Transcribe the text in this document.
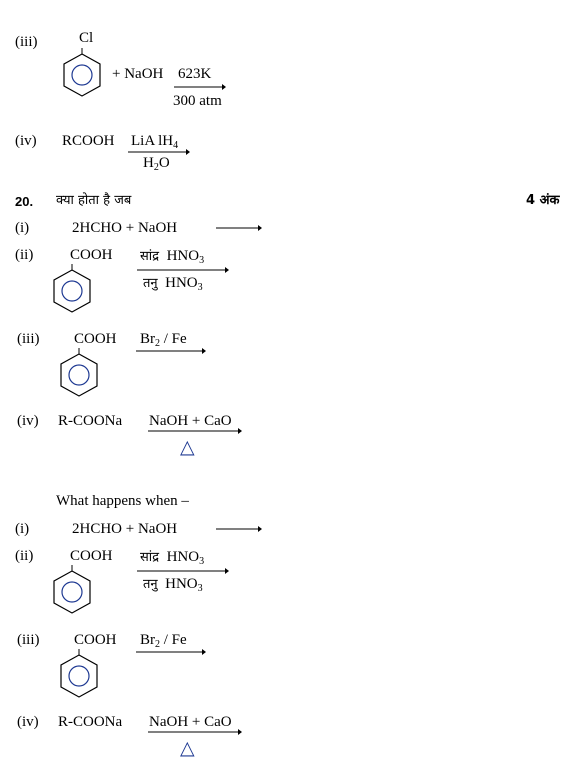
(iii)	Cl
+ NaOH 623K
300 atm
(iv) RCOOH LiA $lH_4$
$H_2O$
20. क्या होता है जब	4 अंक
(i)	2HCHO + NaOH
(ii) COOH सांद्र $HNO_3$
तनु $HNO_3$
(iii) COOH $Br_2$ / Fe
(iv) R-COONa NaOH + CaO
△
What happens when –
(i)	2HCHO + NaOH
(ii) COOH सांद्र $HNO_3$
तनु $HNO_3$
(iii) COOH $Br_2$ / Fe
(iv) R-COONa NaOH + CaO
△
